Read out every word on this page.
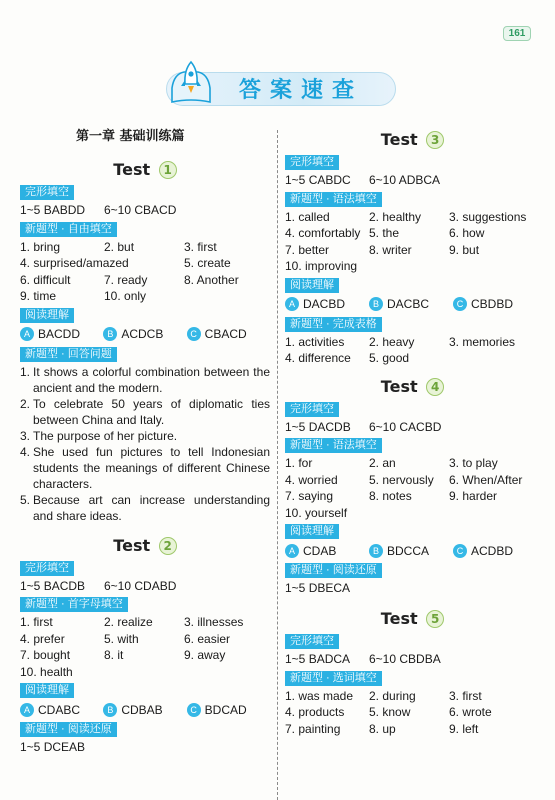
161
答案速查
第一章 基础训练篇
Test 1
完形填空
1~5 BABDD	6~10 CBACD
新题型 · 自由填空
1. bring	2. but	3. first
4. surprised/amazed	5. create
6. difficult	7. ready	8. Another
9. time	10. only
阅读理解
A BACDD	B ACDCB	C CBACD
新题型 · 回答问题
1. It shows a colorful combination between the ancient and the modern.
2. To celebrate 50 years of diplomatic ties between China and Italy.
3. The purpose of her picture.
4. She used fun pictures to tell Indonesian students the meanings of different Chinese characters.
5. Because art can increase understanding and share ideas.
Test 2
完形填空
1~5 BACDB	6~10 CDABD
新题型 · 首字母填空
1. first	2. realize	3. illnesses
4. prefer	5. with	6. easier
7. bought	8. it	9. away
10. health
阅读理解
A CDABC	B CDBAB	C BDCAD
新题型 · 阅读还原
1~5 DCEAB
Test 3
完形填空
1~5 CABDC	6~10 ADBCA
新题型 · 语法填空
1. called	2. healthy	3. suggestions
4. comfortably 5. the	6. how
7. better	8. writer	9. but
10. improving
阅读理解
A DACBD	B DACBC	C CBDBD
新题型 · 完成表格
1. activities	2. heavy	3. memories
4. difference	5. good
Test 4
完形填空
1~5 DACDB	6~10 CACBD
新题型 · 语法填空
1. for	2. an	3. to play
4. worried	5. nervously	6. When/After
7. saying	8. notes	9. harder
10. yourself
阅读理解
A CDAB	B BDCCA	C ACDBD
新题型 · 阅读还原
1~5 DBECA
Test 5
完形填空
1~5 BADCA	6~10 CBDBA
新题型 · 选词填空
1. was made	2. during	3. first
4. products	5. know	6. wrote
7. painting	8. up	9. left
